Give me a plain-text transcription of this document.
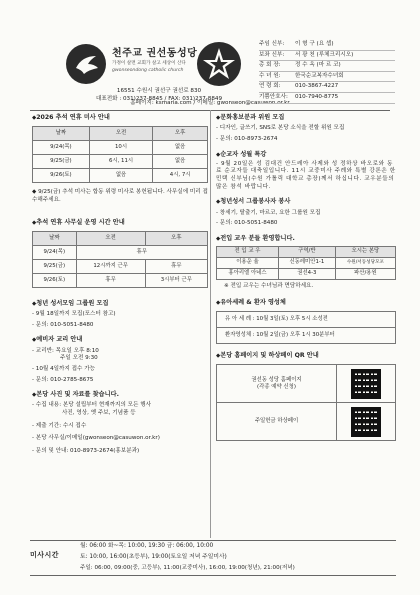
천주교 권선동성당
가정이 살면 교회가 살고 세상이 산다
gwonseondong catholic church
16551 수원시 권선구 권선로 830
대표전화 : 031)237-8845 / FAX: 031)237-8849
홈페이지: ksmaria.com / 이메일: gwonseon@casuwon.or.kr
주임 신부:	이 형 구 (요 셉)
보좌 신부:	서 광 천 (루체크리시오)
총 회 장:	정 수 옥 (마 르 코)
수 녀 원:	한국순교복자수녀회
연 령 회:	010-3867-4227
기쁨안호사:	010-7940-8775
◆ 2026 추석 연휴 미사 안내
날짜	오전	오후
9/24(목)	10시	없음
9/25(금)	6시, 11시	없음
9/26(토)	없음	4시, 7시
◆ 9/25(금) 추석 미사는 합동 위령 미사로 봉헌됩니다. 사무실에 미리 접수해주세요.
◆ 추석 연휴 사무실 운영 시간 안내
날짜	오전	오후
9/24(목)	휴무	
9/25(금)	12시까지 근무	휴무
9/26(토)	휴무	3시부터 근무
◆ 청년 성서모임 그룹원 모집
- 9월 18일까지 모집(포스터 참고)
- 문의: 010-5051-8480
◆ 예비자 교리 안내
- 교리반: 목요일 오후 8:10
주일 오전 9:30
- 10월 4일까지 접수 가능
- 문의: 010-2785-8675
◆ 본당 사진 및 자료를 찾습니다.
- 수집 내용: 본당 설립부터 현재까지의 모든 행사
사진, 영상, 옛 주보, 기념품 등
- 제출 기간: 수시 접수
- 본당 사무실/이메일(gwonseon@casuwon.or.kr)
- 문의 및 안내: 010-8973-2674(홍보분과)
◆ 문화홍보분과 위원 모집
- 디자인, 글쓰기, SNS로 본당 소식을 전할 위원 모집
- 문의: 010-8973-2674
◆ 순교자 성월 특강
- 9월 20일은 성 김대건 안드레아 사제와 성 정하상 바오로와 동료 순교자들 대축일입니다. 11시 교중미사 주례와 특별 강론은 한민택 신부님(수원 가톨릭 대학교 총장)께서 하십니다. 교우분들의 많은 참석 바랍니다.
◆ 청년성서 그룹봉사자 봉사
- 창세기, 탈출기, 마르코, 요한 그룹원 모집
- 문의: 010-5051-8480
◆ 전입 교우 분들 환영합니다.
전 입 교 우	구역/반	오시는 본당
이용운 율	신동레미안1-1	수원/서동성당모포
홍아리엘 아네스	권선4-3	파산/용원
※ 전입 교우는 수녀님과 면담하세요.
◆ 유아세례 & 환자 영성체
유 아 세 례 : 10월 3일(토) 오후 5시 소성전
환자영성체 : 10월 2일(금) 오후 1시 30분부터
◆ 본당 홈페이지 및 하상페이 QR 안내
권선동 성당 홈페이지
(각종 예약 신청)	

주일헌금 하상페이	
미사시간
월: 06:00 화~목: 10:00, 19:30 금: 06:00, 10:00
토: 10:00, 16:00(초등부), 19:00(토요일 저녁 주일미사)
주일: 06:00, 09:00(중, 고등부), 11:00(교중미사), 16:00, 19:00(청년), 21:00(저녁)
